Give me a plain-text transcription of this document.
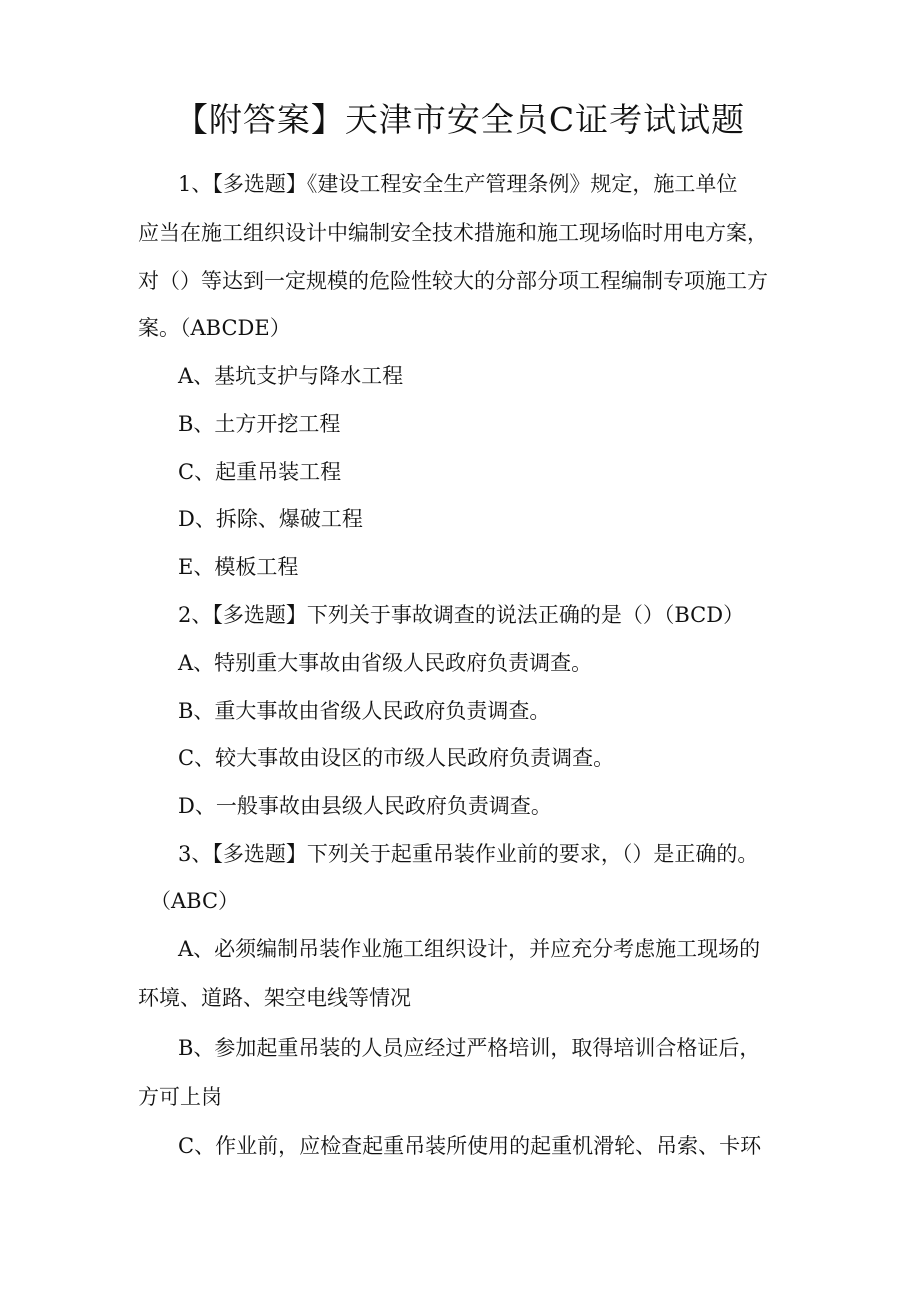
【附答案】天津市安全员C证考试试题

1、【多选题】《建设工程安全生产管理条例》规定，施工单位

应当在施工组织设计中编制安全技术措施和施工现场临时用电方案，

对（）等达到一定规模的危险性较大的分部分项工程编制专项施工方

案。（ABCDE）

A、基坑支护与降水工程

B、土方开挖工程

C、起重吊装工程

D、拆除、爆破工程

E、模板工程

2、【多选题】下列关于事故调查的说法正确的是（）（BCD）

A、特别重大事故由省级人民政府负责调查。

B、重大事故由省级人民政府负责调查。

C、较大事故由设区的市级人民政府负责调查。

D、一般事故由县级人民政府负责调查。

3、【多选题】下列关于起重吊装作业前的要求，（）是正确的。

（ABC）

A、必须编制吊装作业施工组织设计，并应充分考虑施工现场的

环境、道路、架空电线等情况

B、参加起重吊装的人员应经过严格培训，取得培训合格证后，

方可上岗

C、作业前，应检查起重吊装所使用的起重机滑轮、吊索、卡环
